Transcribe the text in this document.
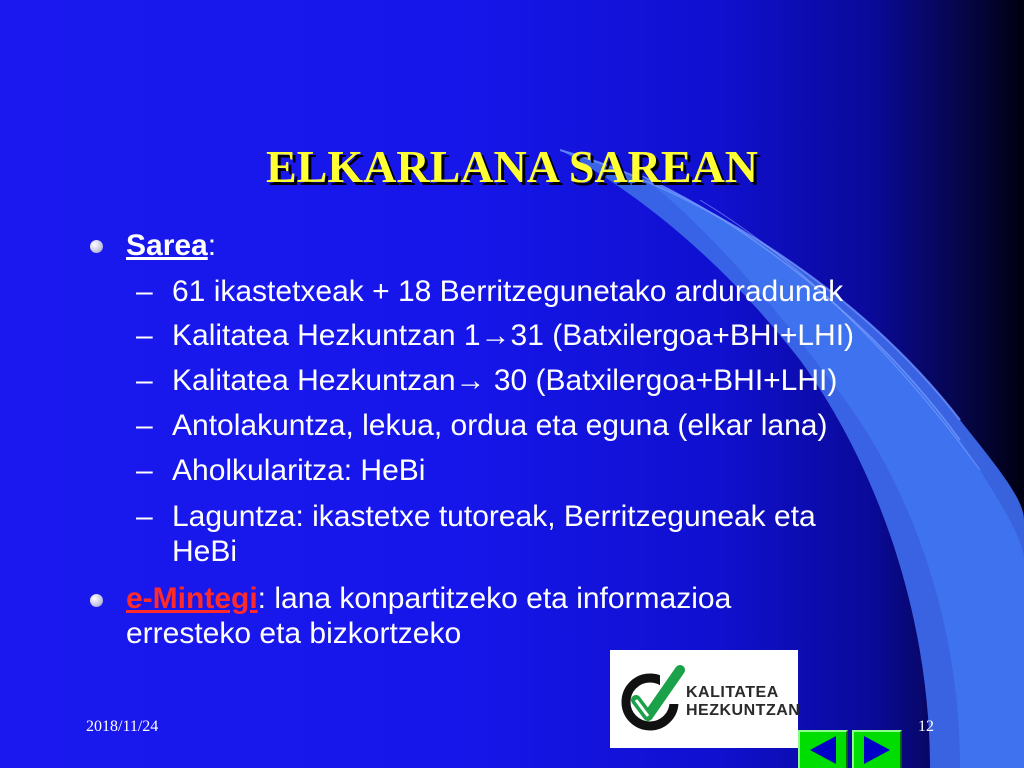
ELKARLANA SAREAN
Sarea:
– 61 ikastetxeak + 18 Berritzegunetako arduradunak
– Kalitatea Hezkuntzan 1→31 (Batxilergoa+BHI+LHI)
– Kalitatea Hezkuntzan→ 30 (Batxilergoa+BHI+LHI)
– Antolakuntza, lekua, ordua eta eguna (elkar lana)
– Aholkularitza: HeBi
– Laguntza: ikastetxe tutoreak, Berritzeguneak eta
HeBi
e-Mintegi: lana konpartitzeko eta informazioa
erresteko eta bizkortzeko
KALITATEA
HEZKUNTZAN
2018/11/24	12
